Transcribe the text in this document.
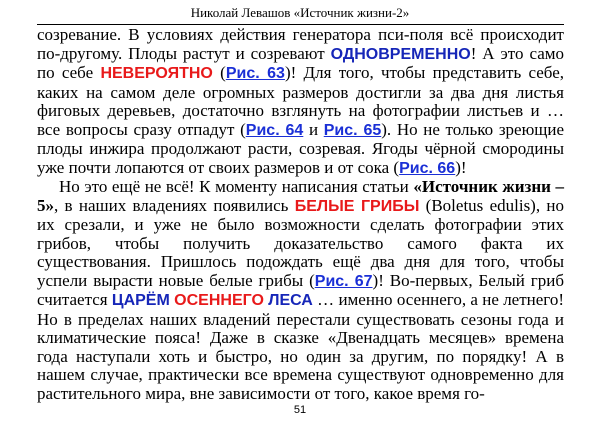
Николай Левашов «Источник жизни-2»

созревание. В условиях действия генератора пси-поля всё происходит по-другому. Плоды растут и созревают ОДНОВРЕМЕННО! А это само по себе НЕВЕРОЯТНО (Рис. 63)! Для того, чтобы представить себе, каких на самом деле огромных размеров достигли за два дня листья фиговых деревьев, достаточно взглянуть на фотографии листьев и … все вопросы сразу отпадут (Рис. 64 и Рис. 65). Но не только зреющие плоды инжира продолжают расти, созревая. Ягоды чёрной смородины уже почти лопаются от своих размеров и от сока (Рис. 66)!

Но это ещё не всё! К моменту написания статьи «Источник жизни – 5», в наших владениях появились БЕЛЫЕ ГРИБЫ (Boletus edulis), но их срезали, и уже не было возможности сделать фотографии этих грибов, чтобы получить доказательство самого факта их существования. Пришлось подождать ещё два дня для того, чтобы успели вырасти новые белые грибы (Рис. 67)! Во-первых, Белый гриб считается ЦАРЁМ ОСЕННЕГО ЛЕСА … именно осеннего, а не летнего! Но в пределах наших владений перестали существовать сезоны года и климатические пояса! Даже в сказке «Двенадцать месяцев» времена года наступали хоть и быстро, но один за другим, по порядку! А в нашем случае, практически все времена существуют одновременно для растительного мира, вне зависимости от того, какое время го-

51
